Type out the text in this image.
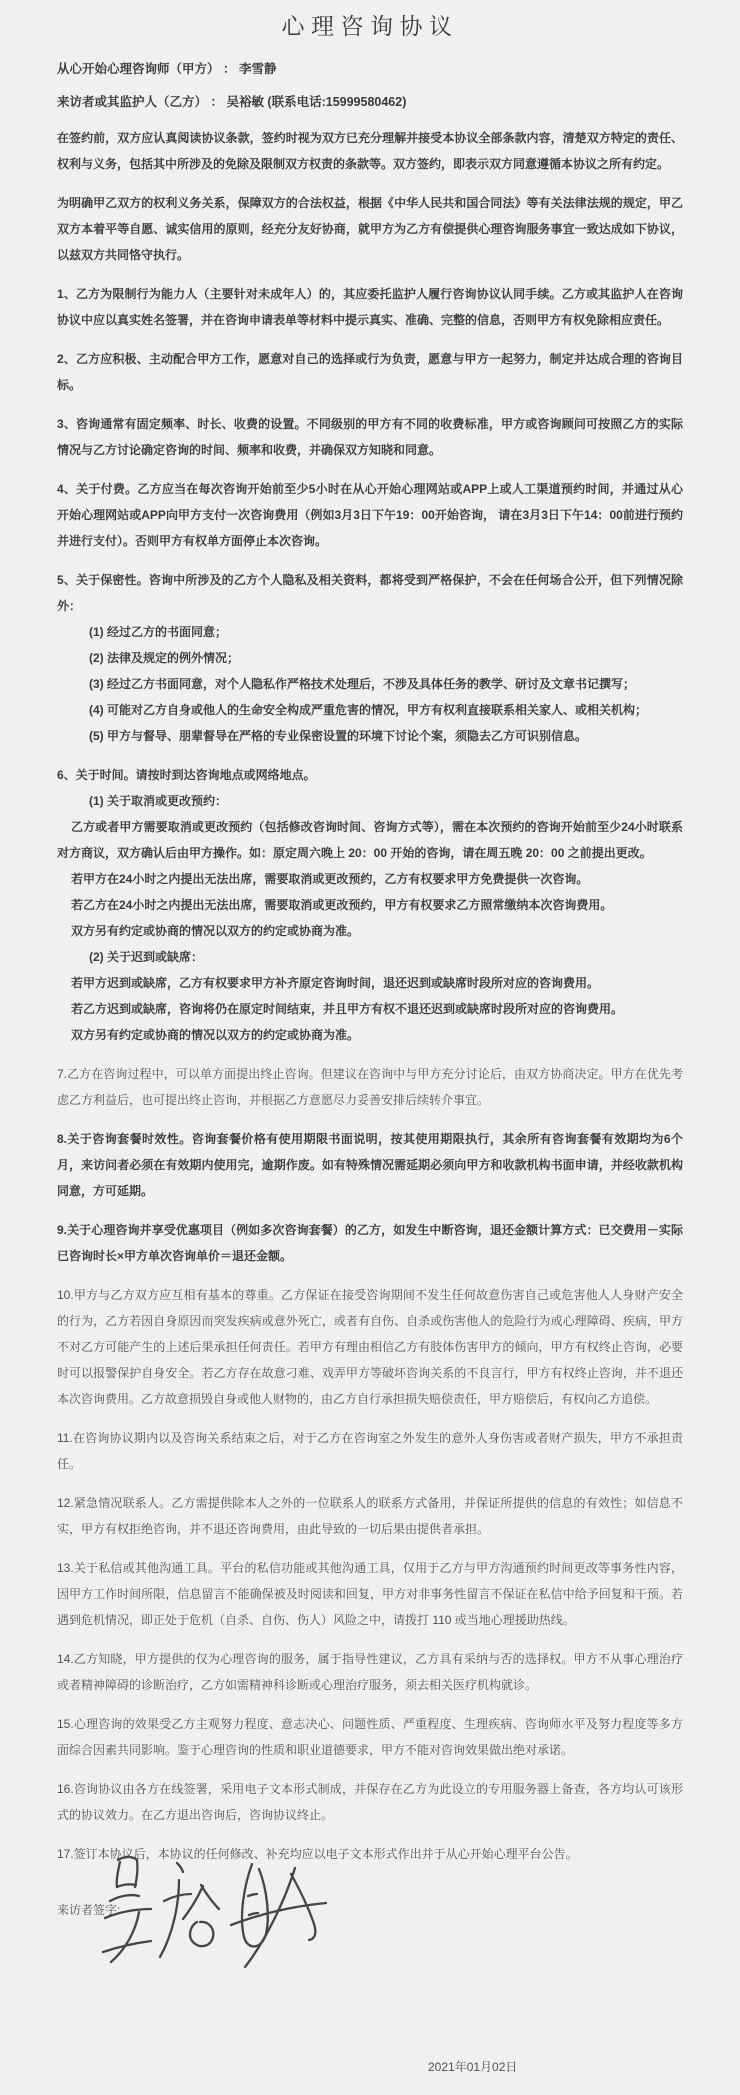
心理咨询协议

从心开始心理咨询师（甲方） ： 李雪静

来访者或其监护人（乙方） ： 吴裕敏 (联系电话:15999580462)

在签约前，双方应认真阅读协议条款，签约时视为双方已充分理解并接受本协议全部条款内容，清楚双方特定的责任、权利与义务，包括其中所涉及的免除及限制双方权责的条款等。双方签约，即表示双方同意遵循本协议之所有约定。

为明确甲乙双方的权利义务关系，保障双方的合法权益，根据《中华人民共和国合同法》等有关法律法规的规定，甲乙双方本着平等自愿、诚实信用的原则，经充分友好协商，就甲方为乙方有偿提供心理咨询服务事宜一致达成如下协议，以兹双方共同恪守执行。

1、乙方为限制行为能力人（主要针对未成年人）的，其应委托监护人履行咨询协议认同手续。乙方或其监护人在咨询协议中应以真实姓名签署，并在咨询申请表单等材料中提示真实、准确、完整的信息，否则甲方有权免除相应责任。

2、乙方应积极、主动配合甲方工作，愿意对自己的选择或行为负责，愿意与甲方一起努力，制定并达成合理的咨询目标。

3、咨询通常有固定频率、时长、收费的设置。不同级别的甲方有不同的收费标准，甲方或咨询顾问可按照乙方的实际情况与乙方讨论确定咨询的时间、频率和收费，并确保双方知晓和同意。

4、关于付费。乙方应当在每次咨询开始前至少5小时在从心开始心理网站或APP上或人工渠道预约时间，并通过从心开始心理网站或APP向甲方支付一次咨询费用（例如3月3日下午19：00开始咨询， 请在3月3日下午14：00前进行预约并进行支付）。否则甲方有权单方面停止本次咨询。

5、关于保密性。咨询中所涉及的乙方个人隐私及相关资料，都将受到严格保护，不会在任何场合公开，但下列情况除外：

(1) 经过乙方的书面同意；

(2) 法律及规定的例外情况；

(3) 经过乙方书面同意，对个人隐私作严格技术处理后，不涉及具体任务的教学、研讨及文章书记撰写；

(4) 可能对乙方自身或他人的生命安全构成严重危害的情况，甲方有权利直接联系相关家人、或相关机构；

(5) 甲方与督导、朋辈督导在严格的专业保密设置的环境下讨论个案，须隐去乙方可识别信息。

6、关于时间。请按时到达咨询地点或网络地点。

(1) 关于取消或更改预约：

乙方或者甲方需要取消或更改预约（包括修改咨询时间、咨询方式等），需在本次预约的咨询开始前至少24小时联系对方商议，双方确认后由甲方操作。如：原定周六晚上 20：00 开始的咨询，请在周五晚 20：00 之前提出更改。

若甲方在24小时之内提出无法出席，需要取消或更改预约，乙方有权要求甲方免费提供一次咨询。

若乙方在24小时之内提出无法出席，需要取消或更改预约，甲方有权要求乙方照常缴纳本次咨询费用。

双方另有约定或协商的情况以双方的约定或协商为准。

(2) 关于迟到或缺席：

若甲方迟到或缺席，乙方有权要求甲方补齐原定咨询时间，退还迟到或缺席时段所对应的咨询费用。

若乙方迟到或缺席，咨询将仍在原定时间结束，并且甲方有权不退还迟到或缺席时段所对应的咨询费用。

双方另有约定或协商的情况以双方的约定或协商为准。

7.乙方在咨询过程中，可以单方面提出终止咨询。但建议在咨询中与甲方充分讨论后，由双方协商决定。甲方在优先考虑乙方利益后，也可提出终止咨询，并根据乙方意愿尽力妥善安排后续转介事宜。

8.关于咨询套餐时效性。咨询套餐价格有使用期限书面说明，按其使用期限执行，其余所有咨询套餐有效期均为6个月，来访问者必须在有效期内使用完，逾期作废。如有特殊情况需延期必须向甲方和收款机构书面申请，并经收款机构同意，方可延期。

9.关于心理咨询并享受优惠项目（例如多次咨询套餐）的乙方，如发生中断咨询，退还金额计算方式：已交费用－实际已咨询时长×甲方单次咨询单价＝退还金额。

10.甲方与乙方双方应互相有基本的尊重。乙方保证在接受咨询期间不发生任何故意伤害自己或危害他人人身财产安全的行为，乙方若因自身原因而突发疾病或意外死亡，或者有自伤、自杀或伤害他人的危险行为或心理障碍、疾病，甲方不对乙方可能产生的上述后果承担任何责任。若甲方有理由相信乙方有肢体伤害甲方的倾向，甲方有权终止咨询，必要时可以报警保护自身安全。若乙方存在故意刁难、戏弄甲方等破坏咨询关系的不良言行，甲方有权终止咨询，并不退还本次咨询费用。乙方故意损毁自身或他人财物的，由乙方自行承担损失赔偿责任，甲方赔偿后，有权向乙方追偿。

11.在咨询协议期内以及咨询关系结束之后，对于乙方在咨询室之外发生的意外人身伤害或者财产损失，甲方不承担责任。

12.紧急情况联系人。乙方需提供除本人之外的一位联系人的联系方式备用，并保证所提供的信息的有效性；如信息不实，甲方有权拒绝咨询，并不退还咨询费用，由此导致的一切后果由提供者承担。

13.关于私信或其他沟通工具。平台的私信功能或其他沟通工具，仅用于乙方与甲方沟通预约时间更改等事务性内容，因甲方工作时间所限，信息留言不能确保被及时阅读和回复，甲方对非事务性留言不保证在私信中给予回复和干预。若遇到危机情况，即正处于危机（自杀、自伤、伤人）风险之中，请拨打 110 或当地心理援助热线。

14.乙方知晓，甲方提供的仅为心理咨询的服务，属于指导性建议，乙方具有采纳与否的选择权。甲方不从事心理治疗或者精神障碍的诊断治疗，乙方如需精神科诊断或心理治疗服务，须去相关医疗机构就诊。

15.心理咨询的效果受乙方主观努力程度、意志决心、问题性质、严重程度、生理疾病、咨询师水平及努力程度等多方面综合因素共同影响。鉴于心理咨询的性质和职业道德要求，甲方不能对咨询效果做出绝对承诺。

16.咨询协议由各方在线签署，采用电子文本形式制成，并保存在乙方为此设立的专用服务器上备查，各方均认可该形式的协议效力。在乙方退出咨询后，咨询协议终止。

17.签订本协议后，本协议的任何修改、补充均应以电子文本形式作出并于从心开始心理平台公告。

来访者签字:

2021年01月02日
